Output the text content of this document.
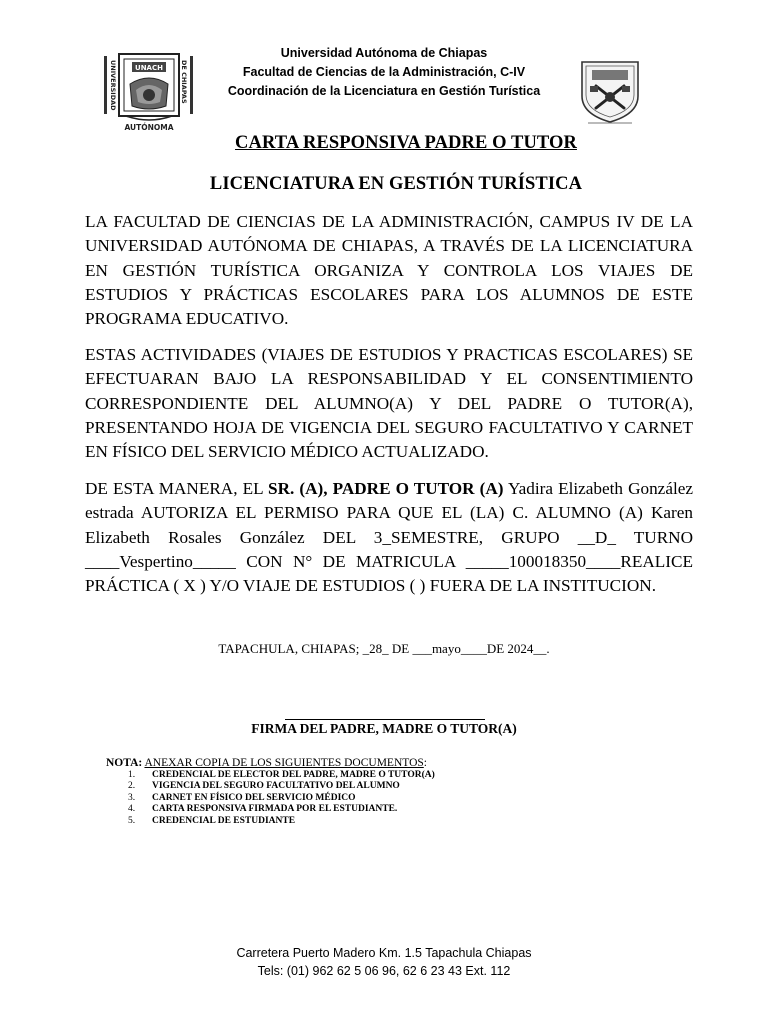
UNIVERSIDAD	DE CHIAPAS
UNACH
AUTÓNOMA
Universidad Autónoma de Chiapas
Facultad de Ciencias de la Administración, C-IV
Coordinación de la Licenciatura en Gestión Turística
CARTA RESPONSIVA PADRE O TUTOR
LICENCIATURA EN GESTIÓN TURÍSTICA
LA FACULTAD DE CIENCIAS DE LA ADMINISTRACIÓN, CAMPUS IV DE LA UNIVERSIDAD AUTÓNOMA DE CHIAPAS, A TRAVÉS DE LA LICENCIATURA EN GESTIÓN TURÍSTICA ORGANIZA Y CONTROLA LOS VIAJES DE ESTUDIOS Y PRÁCTICAS ESCOLARES PARA LOS ALUMNOS DE ESTE PROGRAMA EDUCATIVO.
ESTAS ACTIVIDADES (VIAJES DE ESTUDIOS Y PRACTICAS ESCOLARES) SE EFECTUARAN BAJO LA RESPONSABILIDAD Y EL CONSENTIMIENTO CORRESPONDIENTE DEL ALUMNO(A) Y DEL PADRE O TUTOR(A), PRESENTANDO HOJA DE VIGENCIA DEL SEGURO FACULTATIVO Y CARNET EN FÍSICO DEL SERVICIO MÉDICO ACTUALIZADO.
DE ESTA MANERA, EL SR. (A), PADRE O TUTOR (A) Yadira Elizabeth González estrada AUTORIZA EL PERMISO PARA QUE EL (LA) C. ALUMNO (A) Karen Elizabeth Rosales González DEL 3_SEMESTRE, GRUPO __D_ TURNO ____Vespertino_____ CON N° DE MATRICULA _____100018350____REALICE PRÁCTICA ( X ) Y/O VIAJE DE ESTUDIOS ( ) FUERA DE LA INSTITUCION.
TAPACHULA, CHIAPAS; _28_ DE ___mayo____DE 2024__.
FIRMA DEL PADRE, MADRE O TUTOR(A)
NOTA: ANEXAR COPIA DE LOS SIGUIENTES DOCUMENTOS:
1.	CREDENCIAL DE ELECTOR DEL PADRE, MADRE O TUTOR(A)
2.	VIGENCIA DEL SEGURO FACULTATIVO DEL ALUMNO
3.	CARNET EN FÍSICO DEL SERVICIO MÉDICO
4.	CARTA RESPONSIVA FIRMADA POR EL ESTUDIANTE.
5.	CREDENCIAL DE ESTUDIANTE
Carretera Puerto Madero Km. 1.5 Tapachula Chiapas
Tels: (01) 962 62 5 06 96, 62 6 23 43 Ext. 112
